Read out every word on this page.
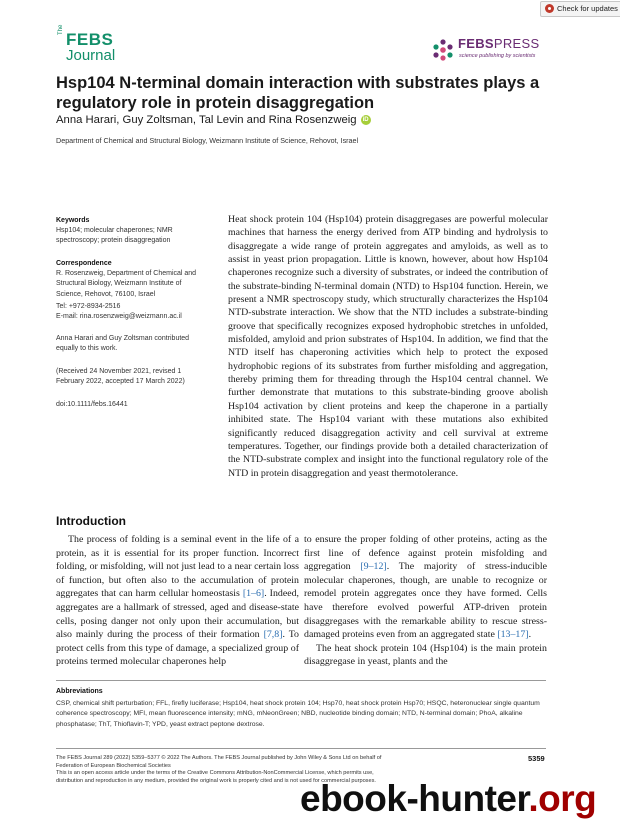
Check for updates
The
FEBS
Journal
FEBSPRESS
science publishing by scientists
Hsp104 N-terminal domain interaction with substrates plays a regulatory role in protein disaggregation
Anna Harari, Guy Zoltsman, Tal Levin and Rina Rosenzweig iD
Department of Chemical and Structural Biology, Weizmann Institute of Science, Rehovot, Israel
Keywords
Hsp104; molecular chaperones; NMR spectroscopy; protein disaggregation
Correspondence
R. Rosenzweig, Department of Chemical and Structural Biology, Weizmann Institute of Science, Rehovot, 76100, Israel
Tel: +972-8934-2516
E-mail: rina.rosenzweig@weizmann.ac.il
Anna Harari and Guy Zoltsman contributed equally to this work.
(Received 24 November 2021, revised 1 February 2022, accepted 17 March 2022)
doi:10.1111/febs.16441
Heat shock protein 104 (Hsp104) protein disaggregases are powerful molecular machines that harness the energy derived from ATP binding and hydrolysis to disaggregate a wide range of protein aggregates and amyloids, as well as to assist in yeast prion propagation. Little is known, however, about how Hsp104 chaperones recognize such a diversity of substrates, or indeed the contribution of the substrate-binding N-terminal domain (NTD) to Hsp104 function. Herein, we present a NMR spectroscopy study, which structurally characterizes the Hsp104 NTD-substrate interaction. We show that the NTD includes a substrate-binding groove that specifically recognizes exposed hydrophobic stretches in unfolded, misfolded, amyloid and prion substrates of Hsp104. In addition, we find that the NTD itself has chaperoning activities which help to protect the exposed hydrophobic regions of its substrates from further misfolding and aggregation, thereby priming them for threading through the Hsp104 central channel. We further demonstrate that mutations to this substrate-binding groove abolish Hsp104 activation by client proteins and keep the chaperone in a partially inhibited state. The Hsp104 variant with these mutations also exhibited significantly reduced disaggregation activity and cell survival at extreme temperatures. Together, our findings provide both a detailed characterization of the NTD-substrate complex and insight into the functional regulatory role of the NTD in protein disaggregation and yeast thermotolerance.
Introduction

The process of folding is a seminal event in the life of a protein, as it is essential for its proper function. Incorrect folding, or misfolding, will not just lead to a near certain loss of function, but often also to the accumulation of protein aggregates that can harm cellular homeostasis [1–6]. Indeed, aggregates are a hallmark of stressed, aged and disease-state cells, posing danger not only upon their accumulation, but also mainly during the process of their formation [7,8]. To protect cells from this type of damage, a specialized group of proteins termed molecular chaperones help

to ensure the proper folding of other proteins, acting as the first line of defence against protein misfolding and aggregation [9–12]. The majority of stress-inducible molecular chaperones, though, are unable to recognize or remodel protein aggregates once they have formed. Cells have therefore evolved powerful ATP-driven protein disaggregases with the remarkable ability to rescue stress-damaged proteins even from an aggregated state [13–17].

The heat shock protein 104 (Hsp104) is the main protein disaggregase in yeast, plants and the

Abbreviations
CSP, chemical shift perturbation; FFL, firefly luciferase; Hsp104, heat shock protein 104; Hsp70, heat shock protein Hsp70; HSQC, heteronuclear single quantum coherence spectroscopy; MFI, mean fluorescence intensity; mNG, mNeonGreen; NBD, nucleotide binding domain; NTD, N-terminal domain; PhoA, alkaline phosphatase; ThT, Thioflavin-T; YPD, yeast extract peptone dextrose.
The FEBS Journal 289 (2022) 5359–5377 © 2022 The Authors. The FEBS Journal published by John Wiley & Sons Ltd on behalf of
Federation of European Biochemical Societies
This is an open access article under the terms of the Creative Commons Attribution-NonCommercial License, which permits use,
distribution and reproduction in any medium, provided the original work is properly cited and is not used for commercial purposes.
5359
ebook-hunter.org
